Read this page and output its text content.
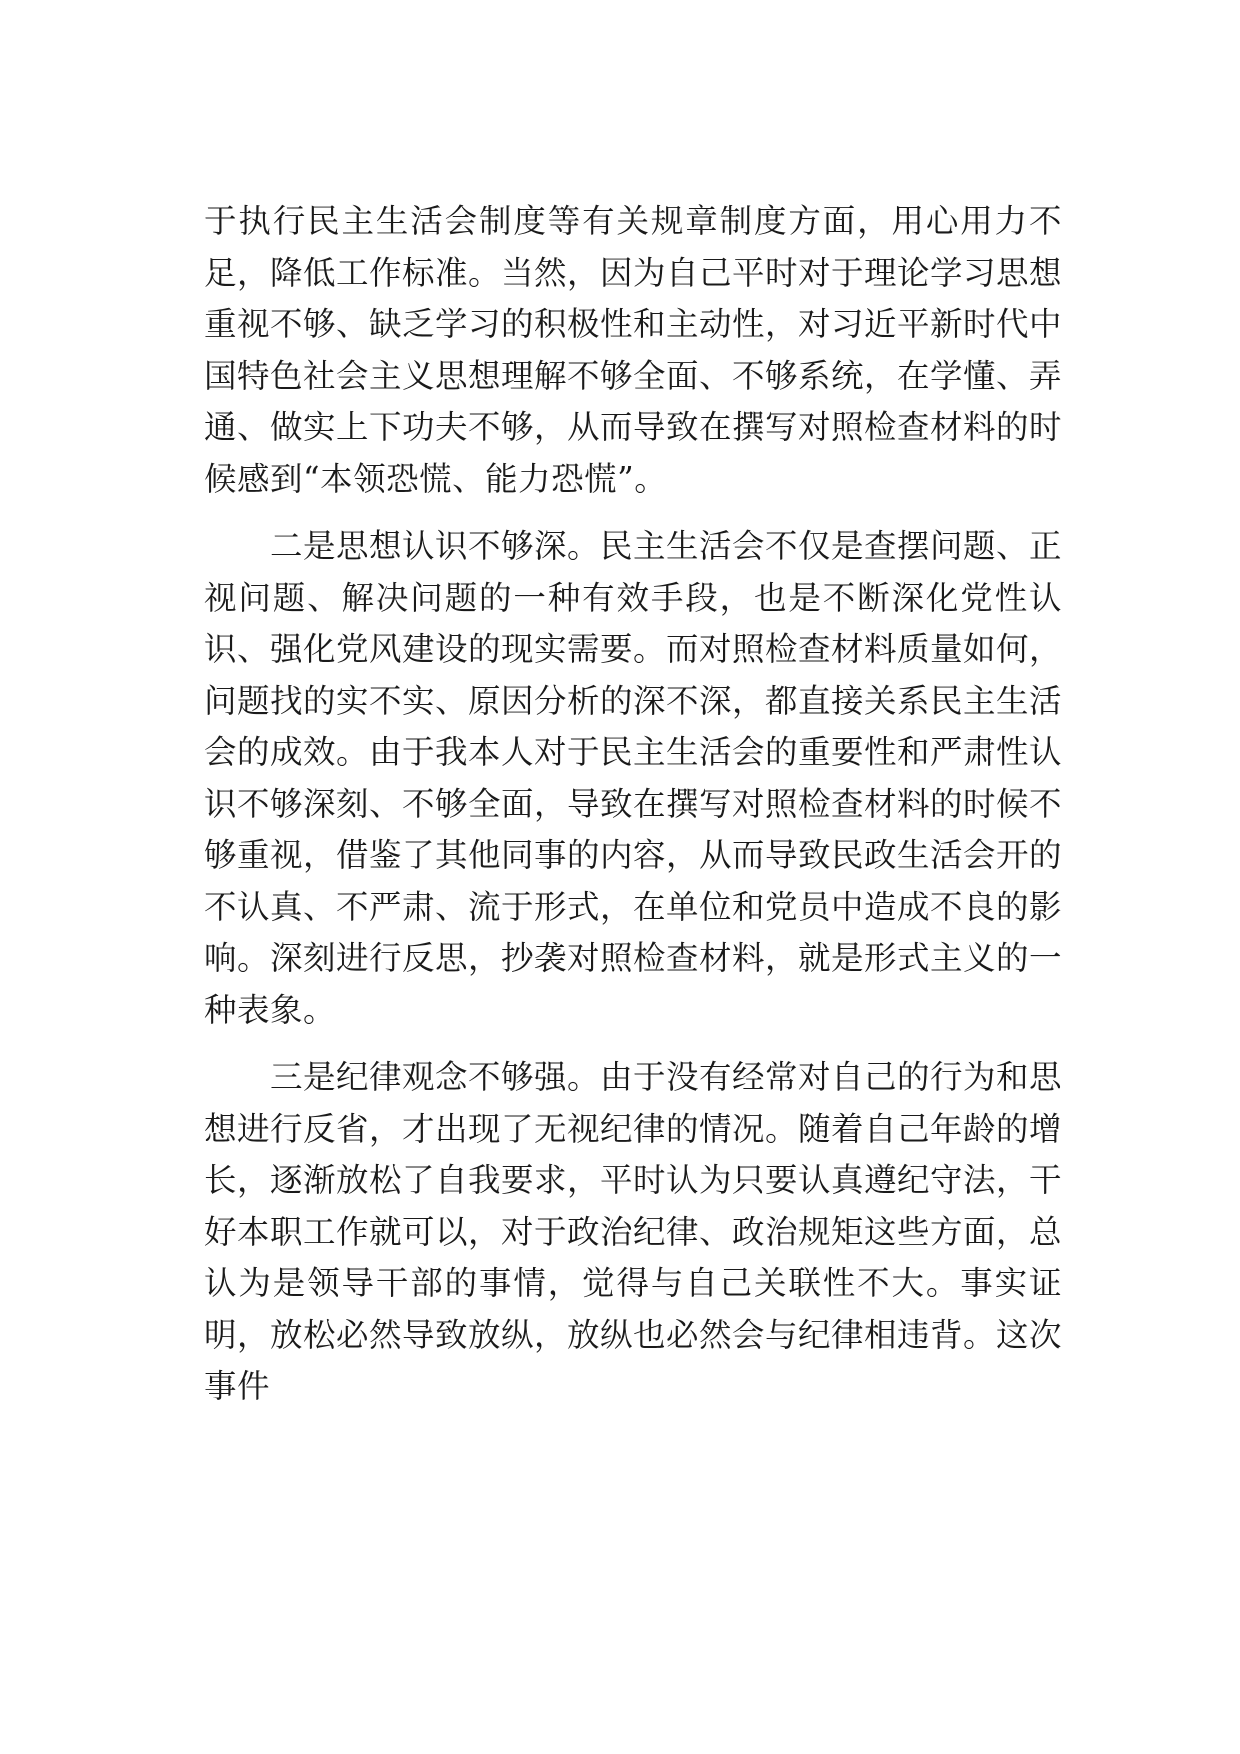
于执行民主生活会制度等有关规章制度方面，用心用力不足，降低工作标准。当然，因为自己平时对于理论学习思想重视不够、缺乏学习的积极性和主动性，对习近平新时代中国特色社会主义思想理解不够全面、不够系统，在学懂、弄通、做实上下功夫不够，从而导致在撰写对照检查材料的时候感到“本领恐慌、能力恐慌”。

二是思想认识不够深。民主生活会不仅是查摆问题、正视问题、解决问题的一种有效手段，也是不断深化党性认识、强化党风建设的现实需要。而对照检查材料质量如何，问题找的实不实、原因分析的深不深，都直接关系民主生活会的成效。由于我本人对于民主生活会的重要性和严肃性认识不够深刻、不够全面，导致在撰写对照检查材料的时候不够重视，借鉴了其他同事的内容，从而导致民政生活会开的不认真、不严肃、流于形式，在单位和党员中造成不良的影响。深刻进行反思，抄袭对照检查材料，就是形式主义的一种表象。

三是纪律观念不够强。由于没有经常对自己的行为和思想进行反省，才出现了无视纪律的情况。随着自己年龄的增长，逐渐放松了自我要求，平时认为只要认真遵纪守法，干好本职工作就可以，对于政治纪律、政治规矩这些方面，总认为是领导干部的事情，觉得与自己关联性不大。事实证明，放松必然导致放纵，放纵也必然会与纪律相违背。这次事件
